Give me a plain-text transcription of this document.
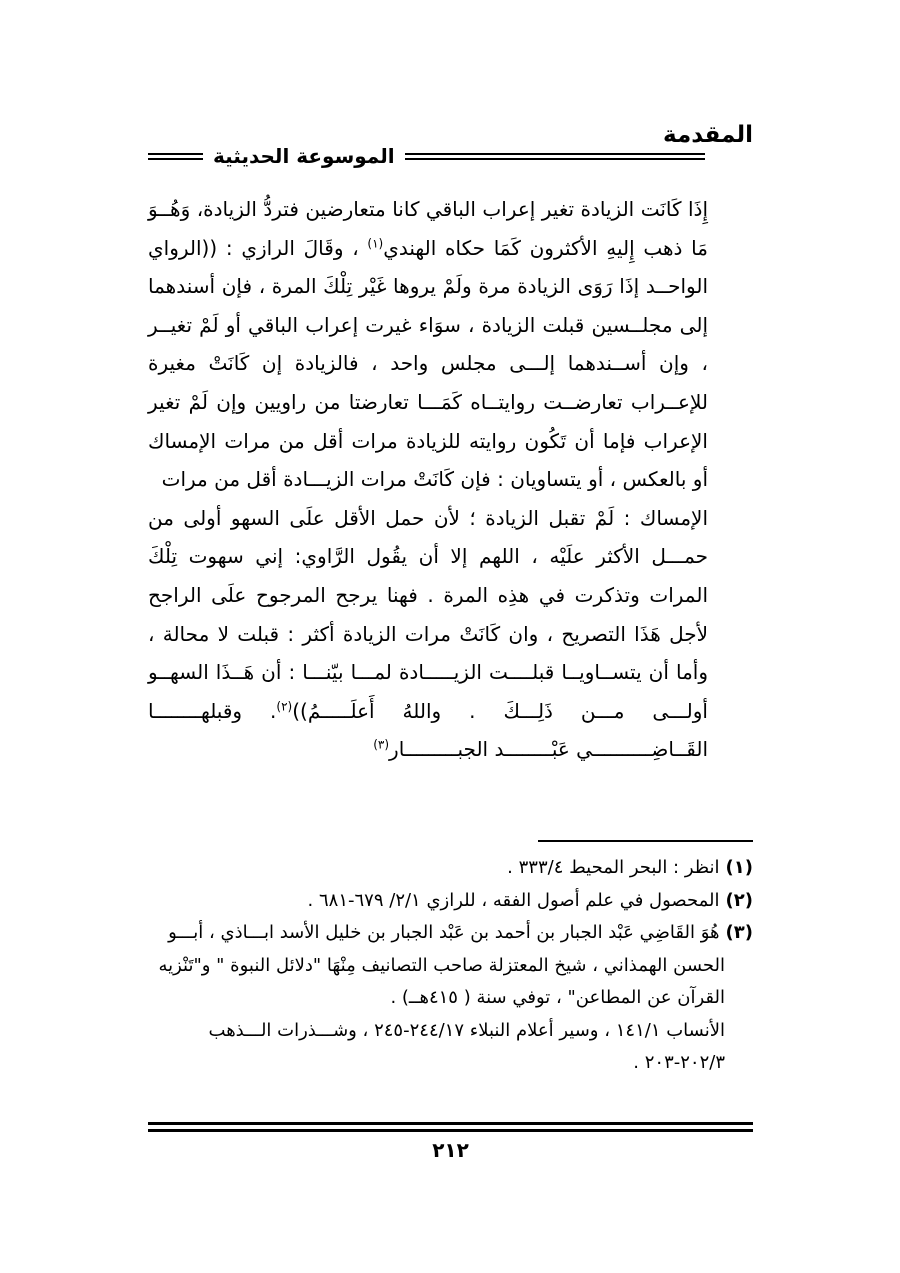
المقدمة
الموسوعة الحديثية

إِذَا كَانَت الزيادة تغير إعراب الباقي كانا متعارضين فتردُّ الزيادة، وَهُــوَ مَا ذهب إِليهِ الأكثرون كَمَا حكاه الهندي$^{(١)}$ ، وقَالَ الرازي : ((الرواي الواحــد إذَا رَوَى الزيادة مرة ولَمْ يروها غَيْر تِلْكَ المرة ، فإن أسندهما إلى مجلــسين قبلت الزيادة ، سوَاء غيرت إعراب الباقي أو لَمْ تغيــر ، وإن أســندهما إلـــى مجلس واحد ، فالزيادة إن كَانَتْ مغيرة للإعــراب تعارضــت روايتــاه كَمَـــا تعارضتا من راويين وإن لَمْ تغير الإعراب فإما أن تَكُون روايته للزيادة مرات أقل من مرات الإمساك أو بالعكس ، أو يتساويان : فإن كَانَتْ مرات الزيـــادة أقل من مرات

الإمساك : لَمْ تقبل الزيادة ؛ لأن حمل الأقل علَى السهو أولى من حمـــل الأكثر علَيْه ، اللهم إلا أن يقُول الرَّاوي: إني سهوت تِلْكَ المرات وتذكرت في هذِه المرة . فهنا يرجح المرجوح علَى الراجح لأجل هَذَا التصريح ، وان كَانَتْ مرات الزيادة أكثر : قبلت لا محالة ، وأما أن يتســاويــا قبلــــت الزيـــــادة لمـــا بيّنـــا : أن هَــذَا السهــو أولـــى مـــن ذَلِـــكَ . واللهُ أَعلَـــــمُ))$^{(٢)}$. وقبلهــــــــا القَــاضِــــــــــي عَبْــــــــد الجبـــــــــار$^{(٣)}$

(١)
انظر : البحر المحيط ٣٣٣/٤ .
(٢)
المحصول في علم أصول الفقه ، للرازي ٢/١/ ٦٧٩-٦٨١ .
(٣)
هُوَ القَاضِي عَبْد الجبار بن أحمد بن عَبْد الجبار بن خليل الأسد ابـــاذي ، أبـــو
الحسن الهمذاني ، شيخ المعتزلة صاحب التصانيف مِنْهَا "دلائل النبوة " و"تَنْزيه
القرآن عن المطاعن" ، توفي سنة ( ٤١٥هــ) .
الأنساب ١٤١/١ ، وسير أعلام النبلاء ٢٤٤/١٧-٢٤٥ ، وشـــذرات الـــذهب
٢٠٢/٣-٢٠٣ .
٢١٢
